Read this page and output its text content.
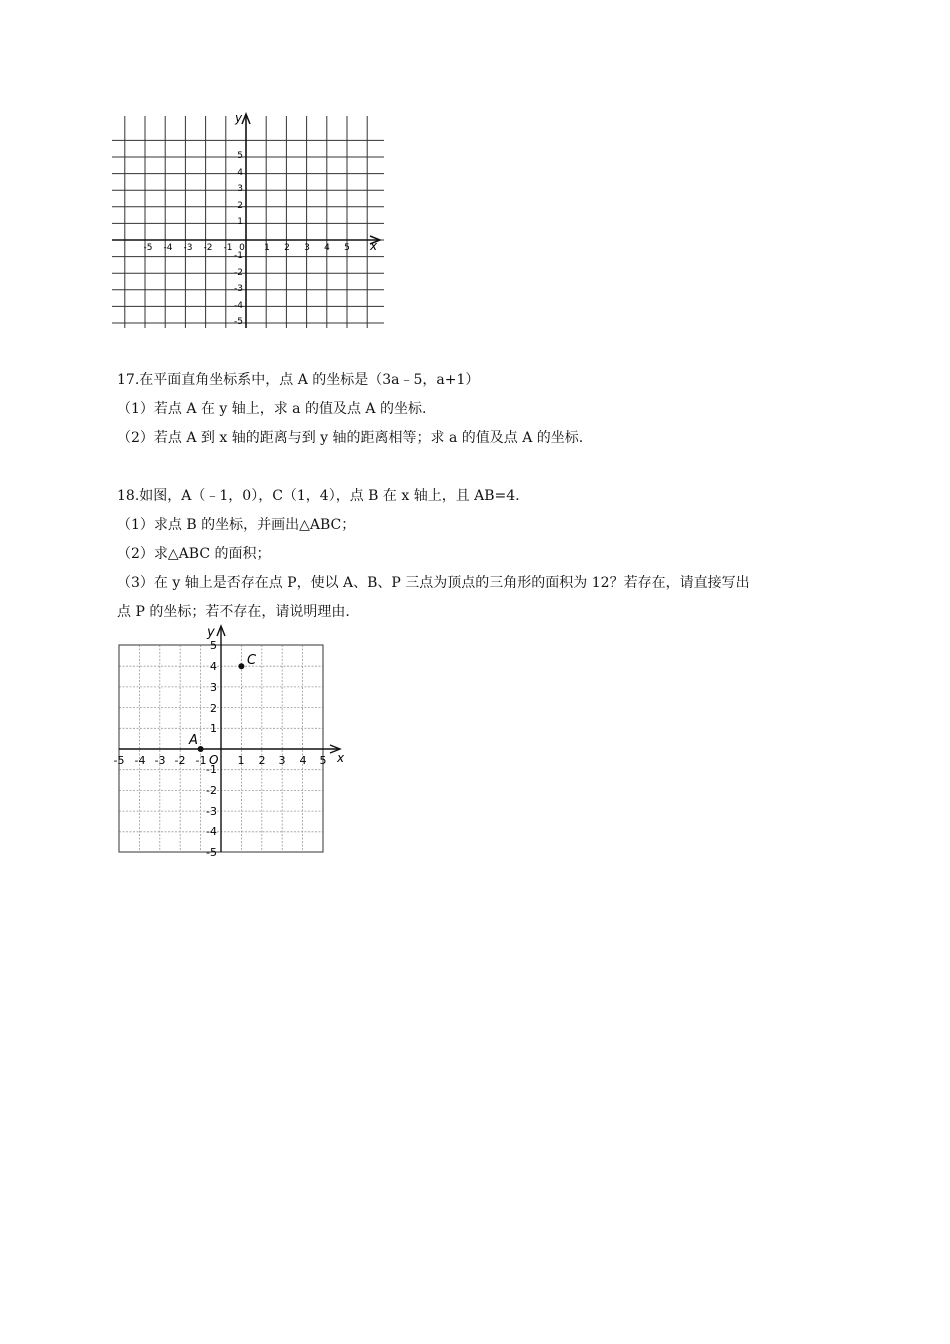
x
y
-5 -4 -3 -2 -1 0 1 2 3 4 5
5
4
3
2
1
-1
-2
-3
-4
-5
17.在平面直角坐标系中，点 A 的坐标是（3a﹣5，a+1）
（1）若点 A 在 y 轴上，求 a 的值及点 A 的坐标.
（2）若点 A 到 x 轴的距离与到 y 轴的距离相等；求 a 的值及点 A 的坐标.
18.如图，A（﹣1，0），C（1，4），点 B 在 x 轴上，且 AB=4.
（1）求点 B 的坐标，并画出△ABC；
（2）求△ABC 的面积；
（3）在 y 轴上是否存在点 P，使以 A、B、P 三点为顶点的三角形的面积为 12？若存在，请直接写出
点 P 的坐标；若不存在，请说明理由.
x
y
O
-5 -4 -3 -2 -1	1 2 3 4 5
5
4
3
2
1
-1
-2
-3
-4
-5
A
C
